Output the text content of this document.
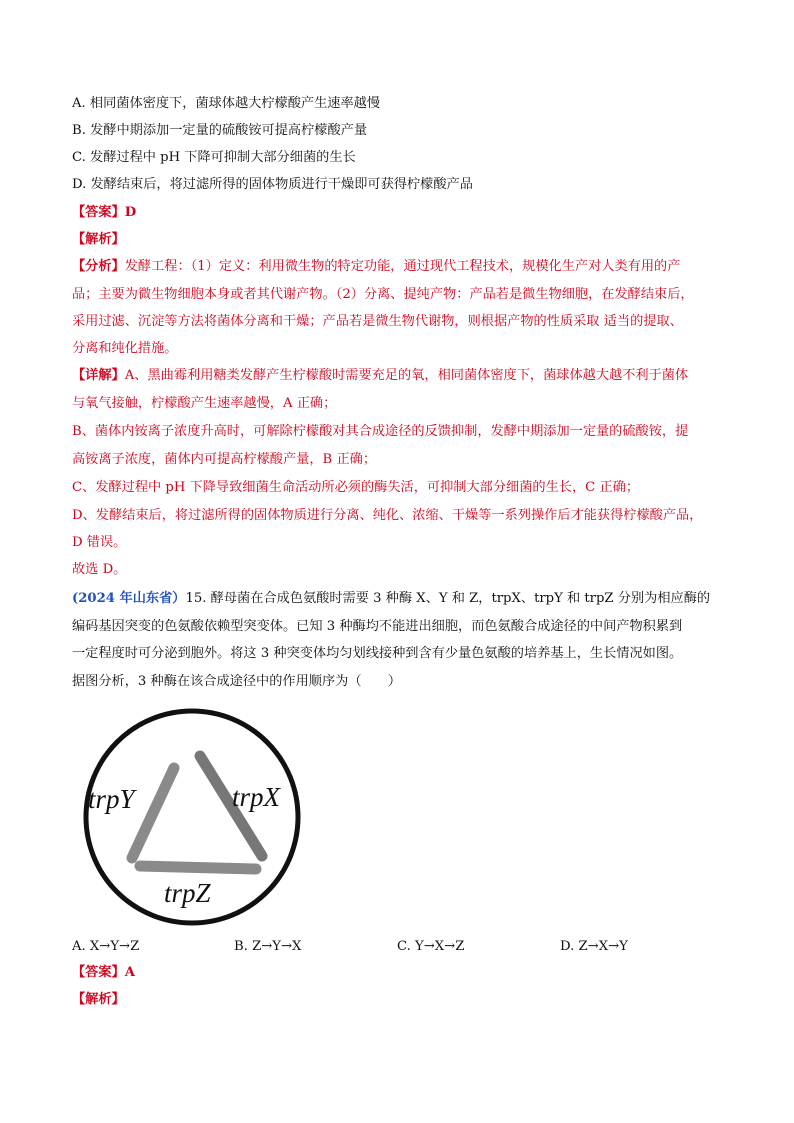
A. 相同菌体密度下，菌球体越大柠檬酸产生速率越慢
B. 发酵中期添加一定量的硫酸铵可提高柠檬酸产量
C. 发酵过程中 pH 下降可抑制大部分细菌的生长
D. 发酵结束后，将过滤所得的固体物质进行干燥即可获得柠檬酸产品
【答案】D
【解析】
【分析】发酵工程：（1）定义：利用微生物的特定功能，通过现代工程技术，规模化生产对人类有用的产
品；主要为微生物细胞本身或者其代谢产物。（2）分离、提纯产物：产品若是微生物细胞，在发酵结束后，
采用过滤、沉淀等方法将菌体分离和干燥；产品若是微生物代谢物，则根据产物的性质采取 适当的提取、
分离和纯化措施。
【详解】A、黑曲霉利用糖类发酵产生柠檬酸时需要充足的氧，相同菌体密度下，菌球体越大越不利于菌体
与氧气接触，柠檬酸产生速率越慢，A 正确；
B、菌体内铵离子浓度升高时，可解除柠檬酸对其合成途径的反馈抑制，发酵中期添加一定量的硫酸铵，提
高铵离子浓度，菌体内可提高柠檬酸产量，B 正确；
C、发酵过程中 pH 下降导致细菌生命活动所必须的酶失活，可抑制大部分细菌的生长，C 正确；
D、发酵结束后，将过滤所得的固体物质进行分离、纯化、浓缩、干燥等一系列操作后才能获得柠檬酸产品，
D 错误。
故选 D。
(2024 年山东省）15. 酵母菌在合成色氨酸时需要 3 种酶 X、Y 和 Z，trpX、trpY 和 trpZ 分别为相应酶的
编码基因突变的色氨酸依赖型突变体。已知 3 种酶均不能进出细胞，而色氨酸合成途径的中间产物积累到
一定程度时可分泌到胞外。将这 3 种突变体均匀划线接种到含有少量色氨酸的培养基上，生长情况如图。
据图分析，3 种酶在该合成途径中的作用顺序为（　　）
trpY	trpX
trpZ
A. X→Y→Z	B. Z→Y→X	C. Y→X→Z	D. Z→X→Y
【答案】A
【解析】
